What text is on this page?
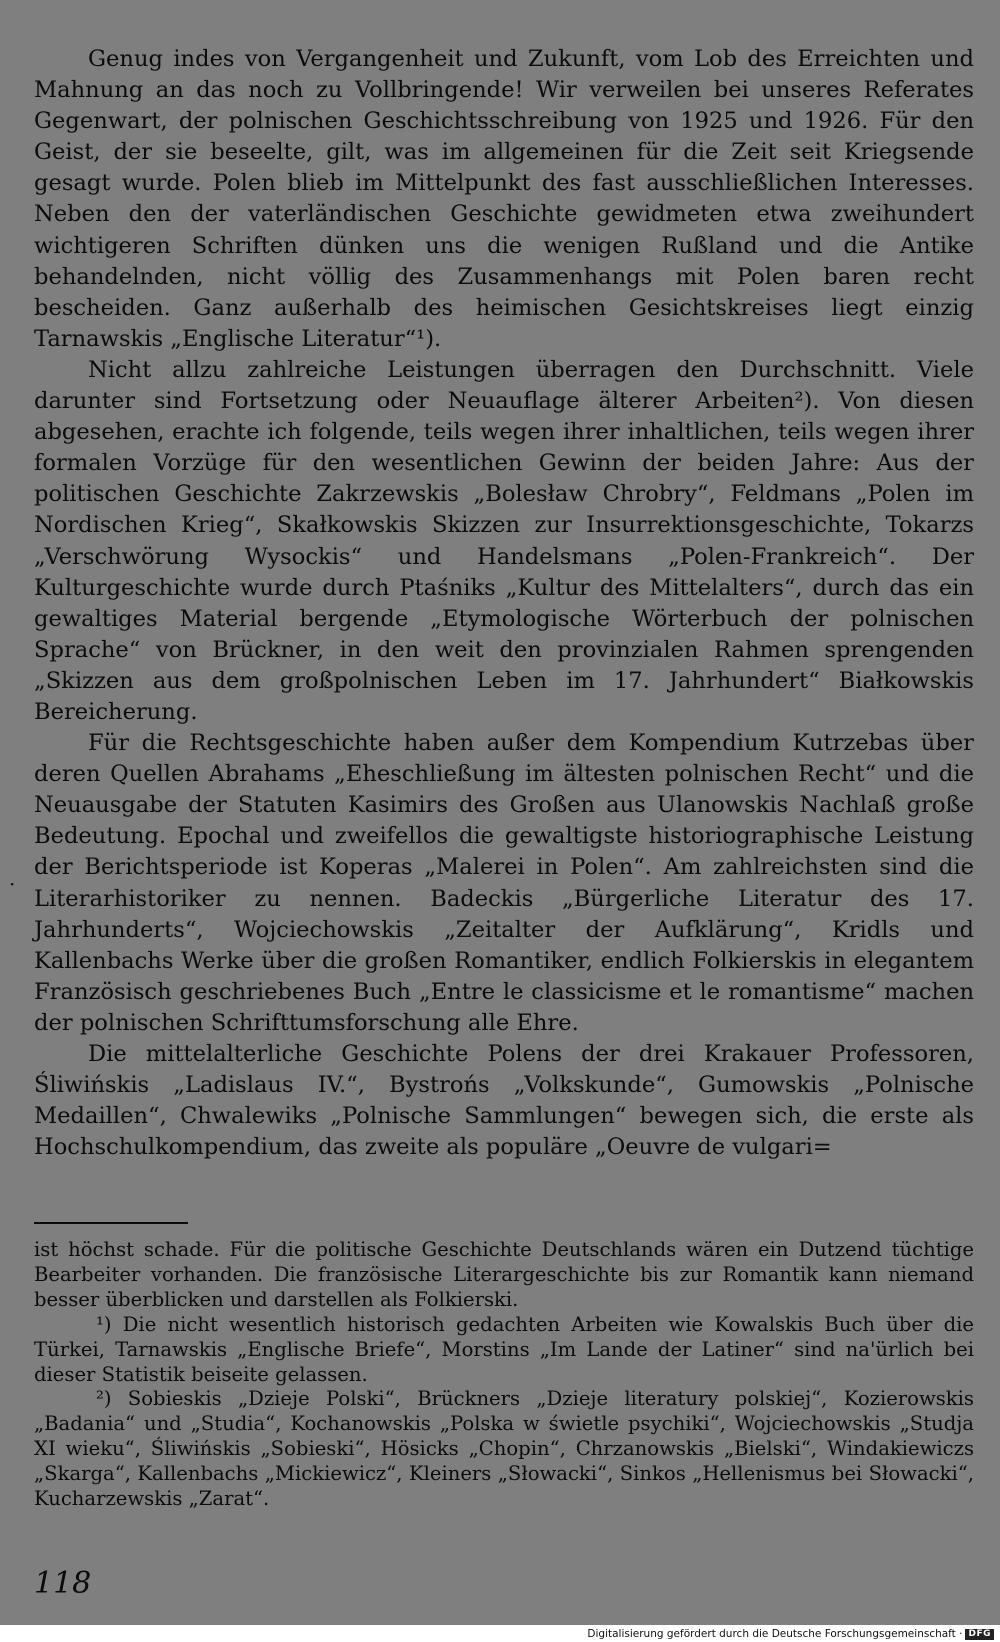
Genug indes von Vergangenheit und Zukunft, vom Lob des Erreichten und Mahnung an das noch zu Vollbringende! Wir verweilen bei unseres Referates Gegenwart, der polnischen Geschichtsschreibung von 1925 und 1926. Für den Geist, der sie beseelte, gilt, was im allgemeinen für die Zeit seit Kriegsende gesagt wurde. Polen blieb im Mittelpunkt des fast ausschließlichen Interesses. Neben den der vaterländischen Geschichte gewidmeten etwa zweihundert wichtigeren Schriften dünken uns die wenigen Rußland und die Antike behandelnden, nicht völlig des Zusammenhangs mit Polen baren recht bescheiden. Ganz außerhalb des heimischen Gesichtskreises liegt einzig Tarnawskis „Englische Literatur“¹).

Nicht allzu zahlreiche Leistungen überragen den Durchschnitt. Viele darunter sind Fortsetzung oder Neuauflage älterer Arbeiten²). Von diesen abgesehen, erachte ich folgende, teils wegen ihrer inhaltlichen, teils wegen ihrer formalen Vorzüge für den wesentlichen Gewinn der beiden Jahre: Aus der politischen Geschichte Zakrzewskis „Bolesław Chrobry“, Feldmans „Polen im Nordischen Krieg“, Skałkowskis Skizzen zur Insurrektionsgeschichte, Tokarzs „Verschwörung Wysockis“ und Handelsmans „Polen-Frankreich“. Der Kulturgeschichte wurde durch Ptaśniks „Kultur des Mittelalters“, durch das ein gewaltiges Material bergende „Etymologische Wörterbuch der polnischen Sprache“ von Brückner, in den weit den provinzialen Rahmen sprengenden „Skizzen aus dem großpolnischen Leben im 17. Jahrhundert“ Białkowskis Bereicherung.

Für die Rechtsgeschichte haben außer dem Kompendium Kutrzebas über deren Quellen Abrahams „Eheschließung im ältesten polnischen Recht“ und die Neuausgabe der Statuten Kasimirs des Großen aus Ulanowskis Nachlaß große Bedeutung. Epochal und zweifellos die gewaltigste historiographische Leistung der Berichtsperiode ist Koperas „Malerei in Polen“. Am zahlreichsten sind die Literarhistoriker zu nennen. Badeckis „Bürgerliche Literatur des 17. Jahrhunderts“, Wojciechowskis „Zeitalter der Aufklärung“, Kridls und Kallenbachs Werke über die großen Romantiker, endlich Folkierskis in elegantem Französisch geschriebenes Buch „Entre le classicisme et le romantisme“ machen der polnischen Schrifttumsforschung alle Ehre.

Die mittelalterliche Geschichte Polens der drei Krakauer Professoren, Śliwińskis „Ladislaus IV.“, Bystrońs „Volkskunde“, Gumowskis „Polnische Medaillen“, Chwalewiks „Polnische Sammlungen“ bewegen sich, die erste als Hochschulkompendium, das zweite als populäre „Oeuvre de vulgari=

·

ist höchst schade. Für die politische Geschichte Deutschlands wären ein Dutzend tüchtige Bearbeiter vorhanden. Die französische Literargeschichte bis zur Romantik kann niemand besser überblicken und darstellen als Folkierski.

¹) Die nicht wesentlich historisch gedachten Arbeiten wie Kowalskis Buch über die Türkei, Tarnawskis „Englische Briefe“, Morstins „Im Lande der Latiner“ sind na'ürlich bei dieser Statistik beiseite gelassen.

²) Sobieskis „Dzieje Polski“, Brückners „Dzieje literatury polskiej“, Kozierowskis „Badania“ und „Studia“, Kochanowskis „Polska w świetle psychiki“, Wojciechowskis „Studja XI wieku“, Śliwińskis „Sobieski“, Hösicks „Chopin“, Chrzanowskis „Bielski“, Windakiewiczs „Skarga“, Kallenbachs „Mickiewicz“, Kleiners „Słowacki“, Sinkos „Hellenismus bei Słowacki“, Kucharzewskis „Zarat“.

118
Digitalisierung gefördert durch die Deutsche Forschungsgemeinschaft · DFG
